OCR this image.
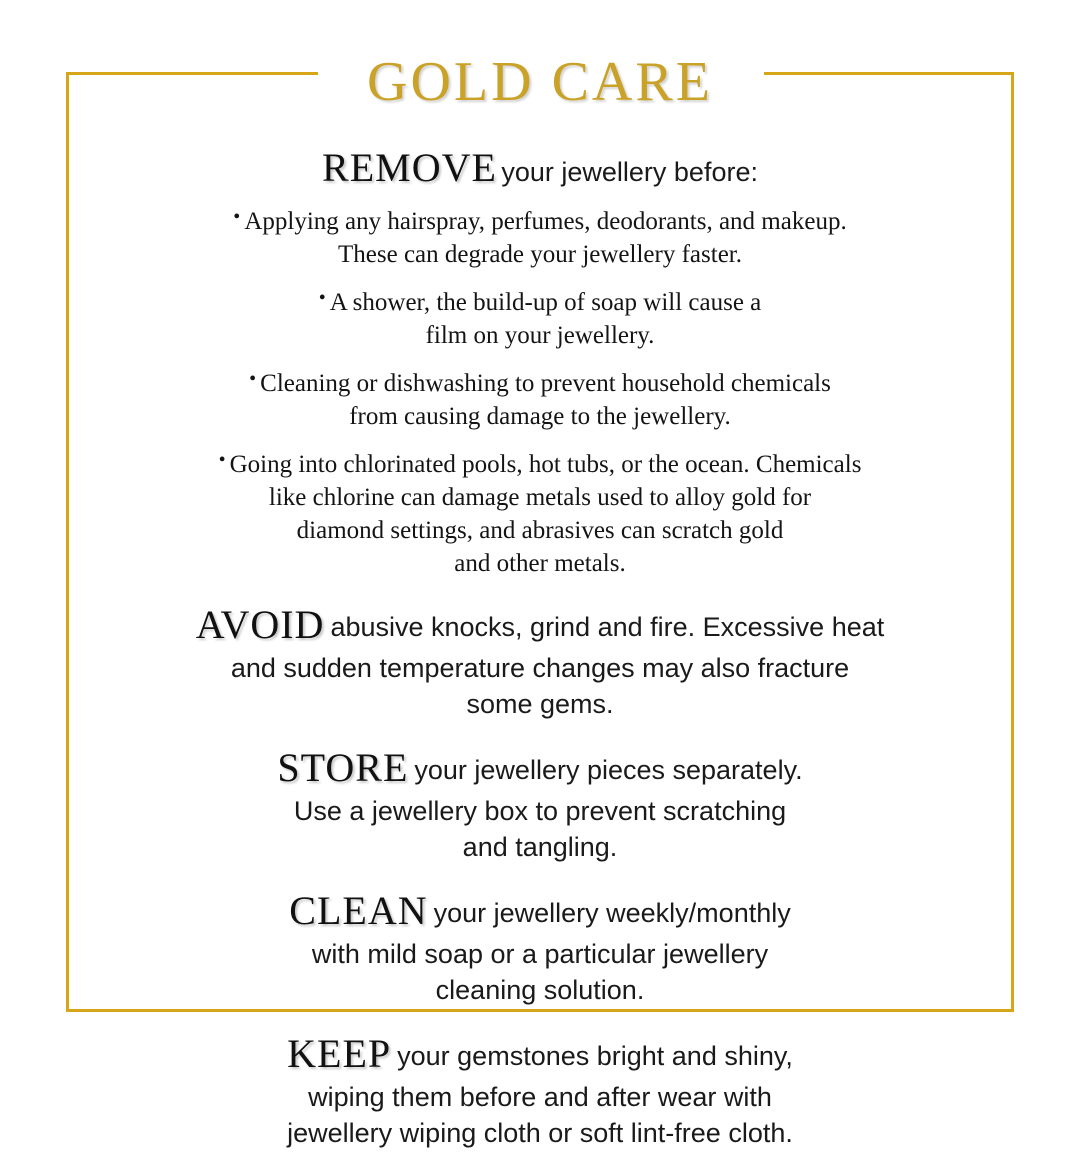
GOLD CARE
REMOVE your jewellery before:
• Applying any hairspray, perfumes, deodorants, and makeup.
These can degrade your jewellery faster.
• A shower, the build-up of soap will cause a
film on your jewellery.
• Cleaning or dishwashing to prevent household chemicals
from causing damage to the jewellery.
• Going into chlorinated pools, hot tubs, or the ocean. Chemicals
like chlorine can damage metals used to alloy gold for
diamond settings, and abrasives can scratch gold
and other metals.
AVOID abusive knocks, grind and fire. Excessive heat
and sudden temperature changes may also fracture
some gems.
STORE your jewellery pieces separately.
Use a jewellery box to prevent scratching
and tangling.
CLEAN your jewellery weekly/monthly
with mild soap or a particular jewellery
cleaning solution.
KEEP your gemstones bright and shiny,
wiping them before and after wear with
jewellery wiping cloth or soft lint-free cloth.
